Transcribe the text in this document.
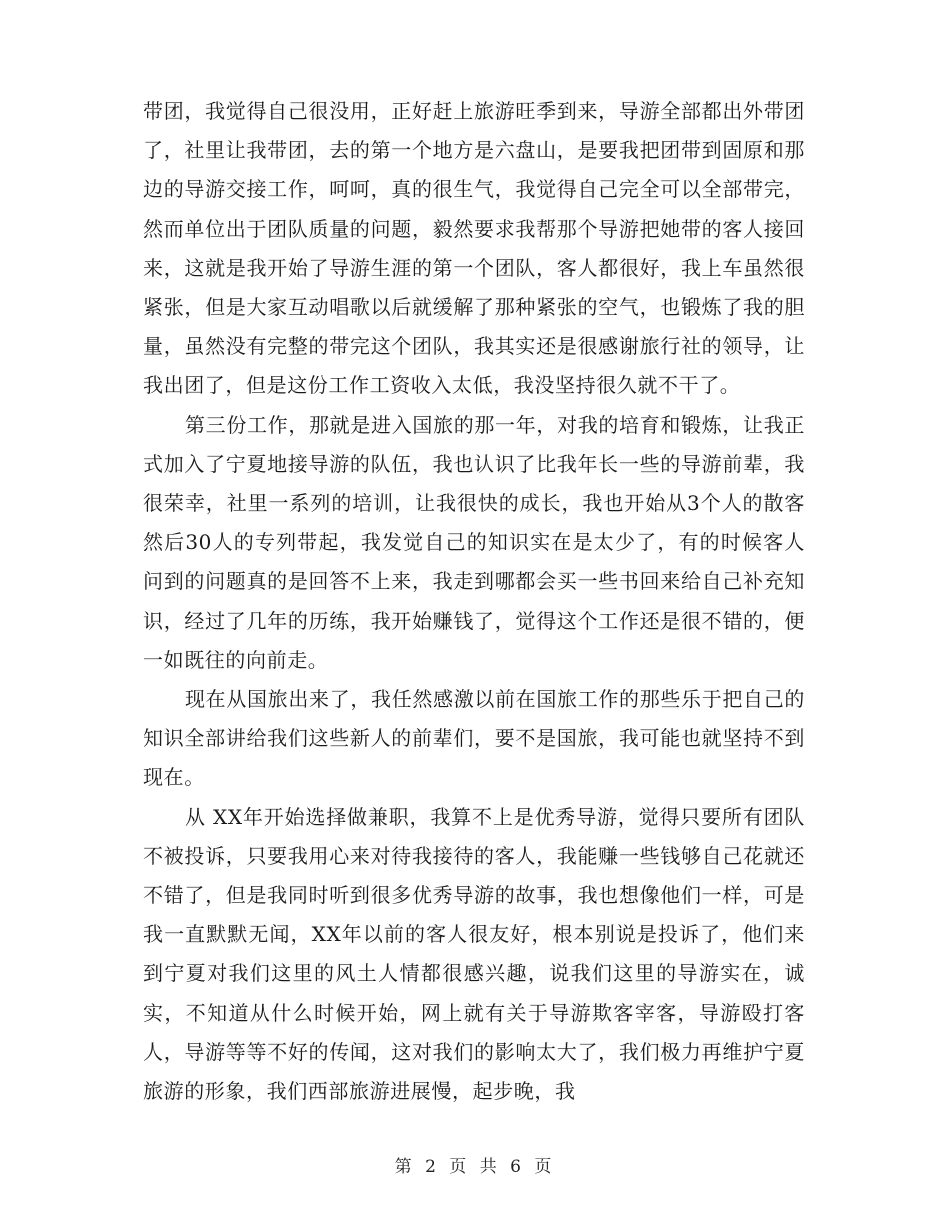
带团，我觉得自己很没用，正好赶上旅游旺季到来，导游全部都出外带团了，社里让我带团，去的第一个地方是六盘山，是要我把团带到固原和那边的导游交接工作，呵呵，真的很生气，我觉得自己完全可以全部带完，然而单位出于团队质量的问题，毅然要求我帮那个导游把她带的客人接回来，这就是我开始了导游生涯的第一个团队，客人都很好，我上车虽然很紧张，但是大家互动唱歌以后就缓解了那种紧张的空气，也锻炼了我的胆量，虽然没有完整的带完这个团队，我其实还是很感谢旅行社的领导，让我出团了，但是这份工作工资收入太低，我没坚持很久就不干了。

第三份工作，那就是进入国旅的那一年，对我的培育和锻炼，让我正式加入了宁夏地接导游的队伍，我也认识了比我年长一些的导游前辈，我很荣幸，社里一系列的培训，让我很快的成长，我也开始从3个人的散客然后30人的专列带起，我发觉自己的知识实在是太少了，有的时候客人问到的问题真的是回答不上来，我走到哪都会买一些书回来给自己补充知识，经过了几年的历练，我开始赚钱了，觉得这个工作还是很不错的，便一如既往的向前走。

现在从国旅出来了，我任然感激以前在国旅工作的那些乐于把自己的知识全部讲给我们这些新人的前辈们，要不是国旅，我可能也就坚持不到现在。

从 XX年开始选择做兼职，我算不上是优秀导游，觉得只要所有团队不被投诉，只要我用心来对待我接待的客人，我能赚一些钱够自己花就还不错了，但是我同时听到很多优秀导游的故事，我也想像他们一样，可是我一直默默无闻，XX年以前的客人很友好，根本别说是投诉了，他们来到宁夏对我们这里的风土人情都很感兴趣，说我们这里的导游实在，诚实，不知道从什么时候开始，网上就有关于导游欺客宰客，导游殴打客人，导游等等不好的传闻，这对我们的影响太大了，我们极力再维护宁夏旅游的形象，我们西部旅游进展慢，起步晚，我

第 2 页 共 6 页
